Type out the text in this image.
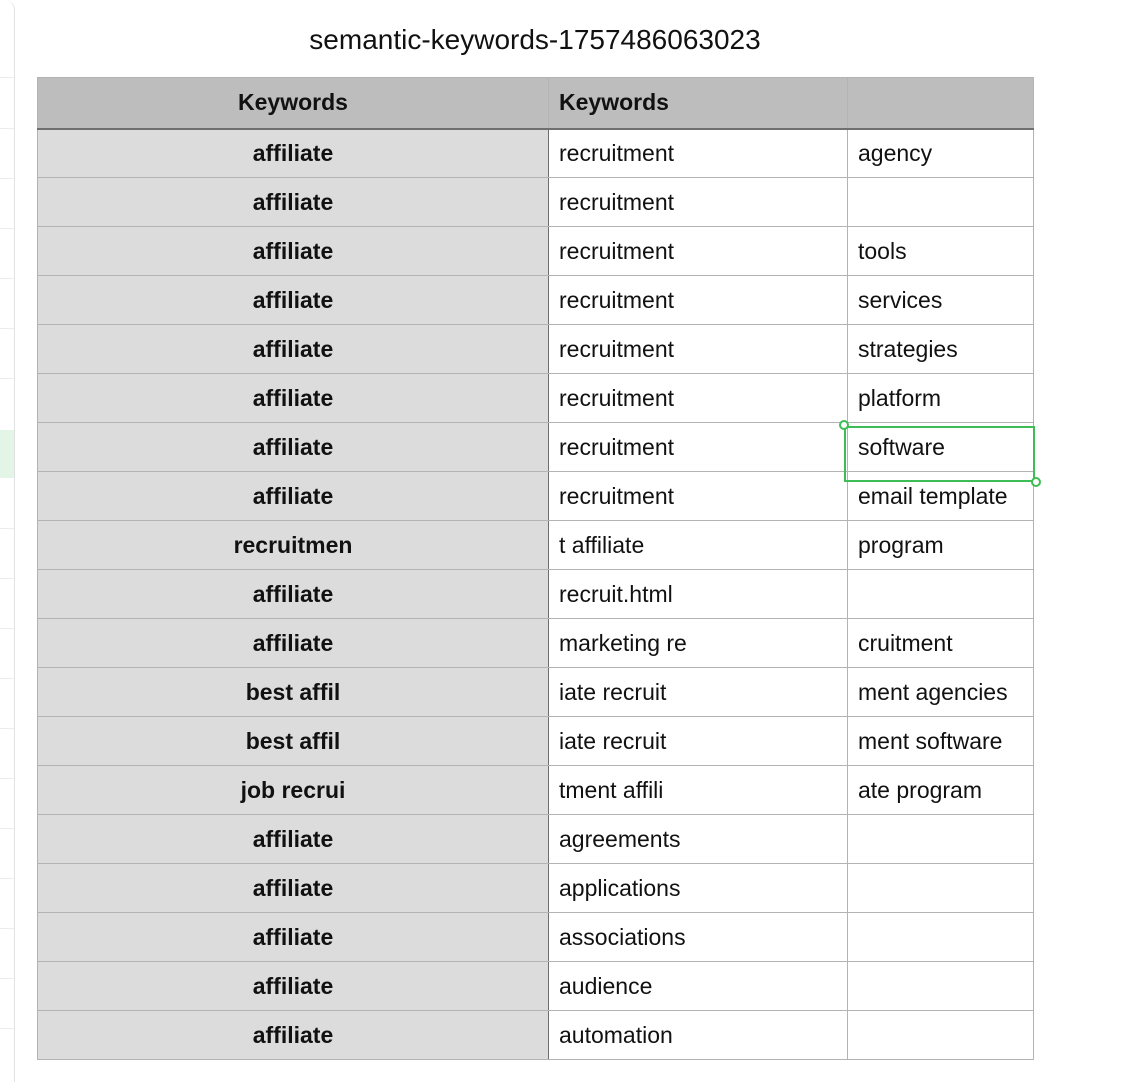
semantic-keywords-1757486063023
Keywords	Keywords	
affiliate	recruitment	agency
affiliate	recruitment	
affiliate	recruitment	tools
affiliate	recruitment	services
affiliate	recruitment	strategies
affiliate	recruitment	platform
affiliate	recruitment	software
affiliate	recruitment	email template
recruitmen	t affiliate	program
affiliate	recruit.html	
affiliate	marketing re	cruitment
best affil	iate recruit	ment agencies
best affil	iate recruit	ment software
job recrui	tment affili	ate program
affiliate	agreements	
affiliate	applications	
affiliate	associations	
affiliate	audience	
affiliate	automation	
